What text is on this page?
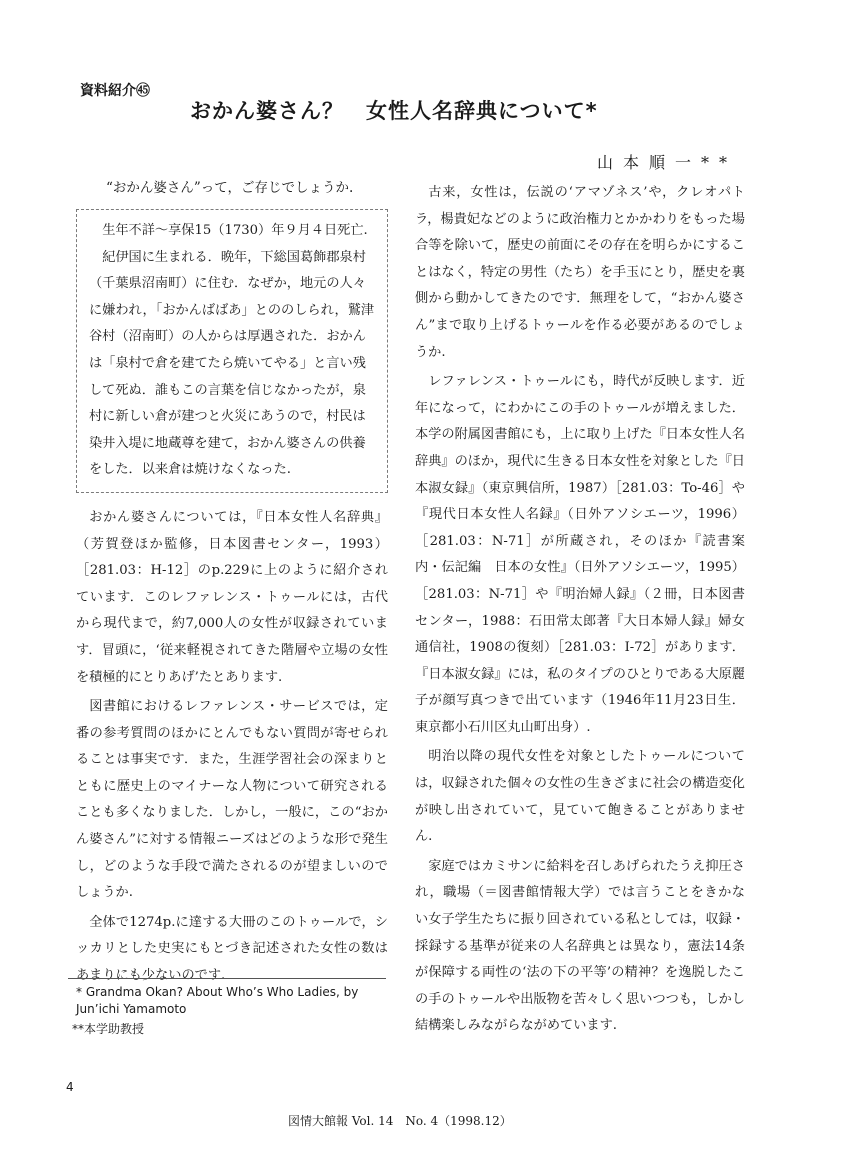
資料紹介㊺
おかん婆さん？　女性人名辞典について*
山本順一**

“おかん婆さん”って，ご存じでしょうか.

生年不詳〜享保15（1730）年９月４日死亡.

紀伊国に生まれる．晩年，下総国葛飾郡泉村（千葉県沼南町）に住む．なぜか，地元の人々に嫌われ，「おかんばばあ」とののしられ，鷲津谷村（沼南町）の人からは厚遇された．おかんは「泉村で倉を建てたら焼いてやる」と言い残して死ぬ．誰もこの言葉を信じなかったが，泉村に新しい倉が建つと火災にあうので，村民は染井入堤に地蔵尊を建て，おかん婆さんの供養をした．以来倉は焼けなくなった.

おかん婆さんについては，『日本女性人名辞典』（芳賀登ほか監修，日本図書センター，1993）［281.03：H-12］のp.229に上のように紹介されています．このレファレンス・トゥールには，古代から現代まで，約7,000人の女性が収録されています．冒頭に，‘従来軽視されてきた階層や立場の女性を積極的にとりあげ’たとあります.

図書館におけるレファレンス・サービスでは，定番の参考質問のほかにとんでもない質問が寄せられることは事実です．また，生涯学習社会の深まりとともに歴史上のマイナーな人物について研究されることも多くなりました．しかし，一般に，この“おかん婆さん”に対する情報ニーズはどのような形で発生し，どのような手段で満たされるのが望ましいのでしょうか.

全体で1274p.に達する大冊のこのトゥールで，シッカリとした史実にもとづき記述された女性の数はあまりにも少ないのです.

古来，女性は，伝説の‘アマゾネス’や，クレオパトラ，楊貴妃などのように政治権力とかかわりをもった場合等を除いて，歴史の前面にその存在を明らかにすることはなく，特定の男性（たち）を手玉にとり，歴史を裏側から動かしてきたのです．無理をして，“おかん婆さん”まで取り上げるトゥールを作る必要があるのでしょうか.

レファレンス・トゥールにも，時代が反映します．近年になって，にわかにこの手のトゥールが増えました．本学の附属図書館にも，上に取り上げた『日本女性人名辞典』のほか，現代に生きる日本女性を対象とした『日本淑女録』（東京興信所，1987）［281.03：To-46］や『現代日本女性人名録』（日外アソシエーツ，1996）［281.03：N-71］が所蔵され，そのほか『読書案内・伝記編　日本の女性』（日外アソシエーツ，1995）［281.03：N-71］や『明治婦人録』（２冊，日本図書センター，1988：石田常太郎著『大日本婦人録』婦女通信社，1908の復刻）［281.03：I-72］があります．『日本淑女録』には，私のタイプのひとりである大原麗子が顔写真つきで出ています（1946年11月23日生．東京都小石川区丸山町出身）.

明治以降の現代女性を対象としたトゥールについては，収録された個々の女性の生きざまに社会の構造変化が映し出されていて，見ていて飽きることがありません.

家庭ではカミサンに給料を召しあげられたうえ抑圧され，職場（＝図書館情報大学）では言うことをきかない女子学生たちに振り回されている私としては，収録・採録する基準が従来の人名辞典とは異なり，憲法14条が保障する両性の‘法の下の平等’の精神？を逸脱したこの手のトゥールや出版物を苦々しく思いつつも，しかし結構楽しみながらながめています.

* Grandma Okan? About Who’s Who Ladies, by Jun’ichi Yamamoto
**本学助教授
4
図情大館報 Vol. 14　No. 4（1998.12）
